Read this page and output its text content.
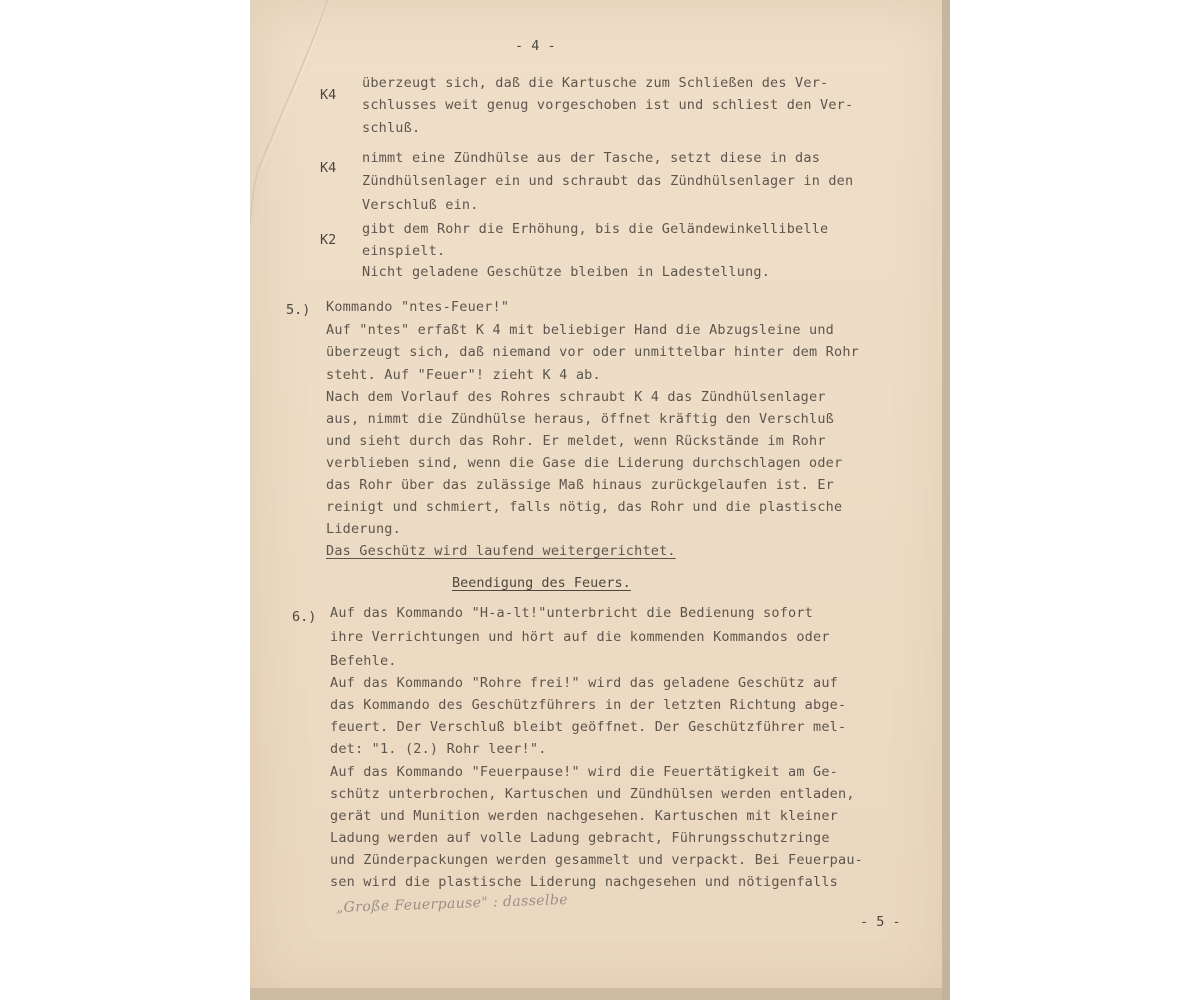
- 4 -
K4
überzeugt sich, daß die Kartusche zum Schließen des Ver-
schlusses weit genug vorgeschoben ist und schliest den Ver-
schluß.
K4
nimmt eine Zündhülse aus der Tasche, setzt diese in das
Zündhülsenlager ein und schraubt das Zündhülsenlager in den
Verschluß ein.
K2
gibt dem Rohr die Erhöhung, bis die Geländewinkellibelle
einspielt.
Nicht geladene Geschütze bleiben in Ladestellung.
5.) Kommando "ntes-Feuer!"
Auf "ntes" erfaßt K 4 mit beliebiger Hand die Abzugsleine und
überzeugt sich, daß niemand vor oder unmittelbar hinter dem Rohr
steht. Auf "Feuer"! zieht K 4 ab.
Nach dem Vorlauf des Rohres schraubt K 4 das Zündhülsenlager
aus, nimmt die Zündhülse heraus, öffnet kräftig den Verschluß
und sieht durch das Rohr. Er meldet, wenn Rückstände im Rohr
verblieben sind, wenn die Gase die Liderung durchschlagen oder
das Rohr über das zulässige Maß hinaus zurückgelaufen ist. Er
reinigt und schmiert, falls nötig, das Rohr und die plastische
Liderung.
Das Geschütz wird laufend weitergerichtet.
Beendigung des Feuers.
6.) Auf das Kommando "H-a-lt!"unterbricht die Bedienung sofort
ihre Verrichtungen und hört auf die kommenden Kommandos oder
Befehle.
Auf das Kommando "Rohre frei!" wird das geladene Geschütz auf
das Kommando des Geschützführers in der letzten Richtung abge-
feuert. Der Verschluß bleibt geöffnet. Der Geschützführer mel-
det: "1. (2.) Rohr leer!".
Auf das Kommando "Feuerpause!" wird die Feuertätigkeit am Ge-
schütz unterbrochen, Kartuschen und Zündhülsen werden entladen,
gerät und Munition werden nachgesehen. Kartuschen mit kleiner
Ladung werden auf volle Ladung gebracht, Führungsschutzringe
und Zünderpackungen werden gesammelt und verpackt. Bei Feuerpau-
sen wird die plastische Liderung nachgesehen und nötigenfalls
„Große Feuerpause" : dasselbe
- 5 -
